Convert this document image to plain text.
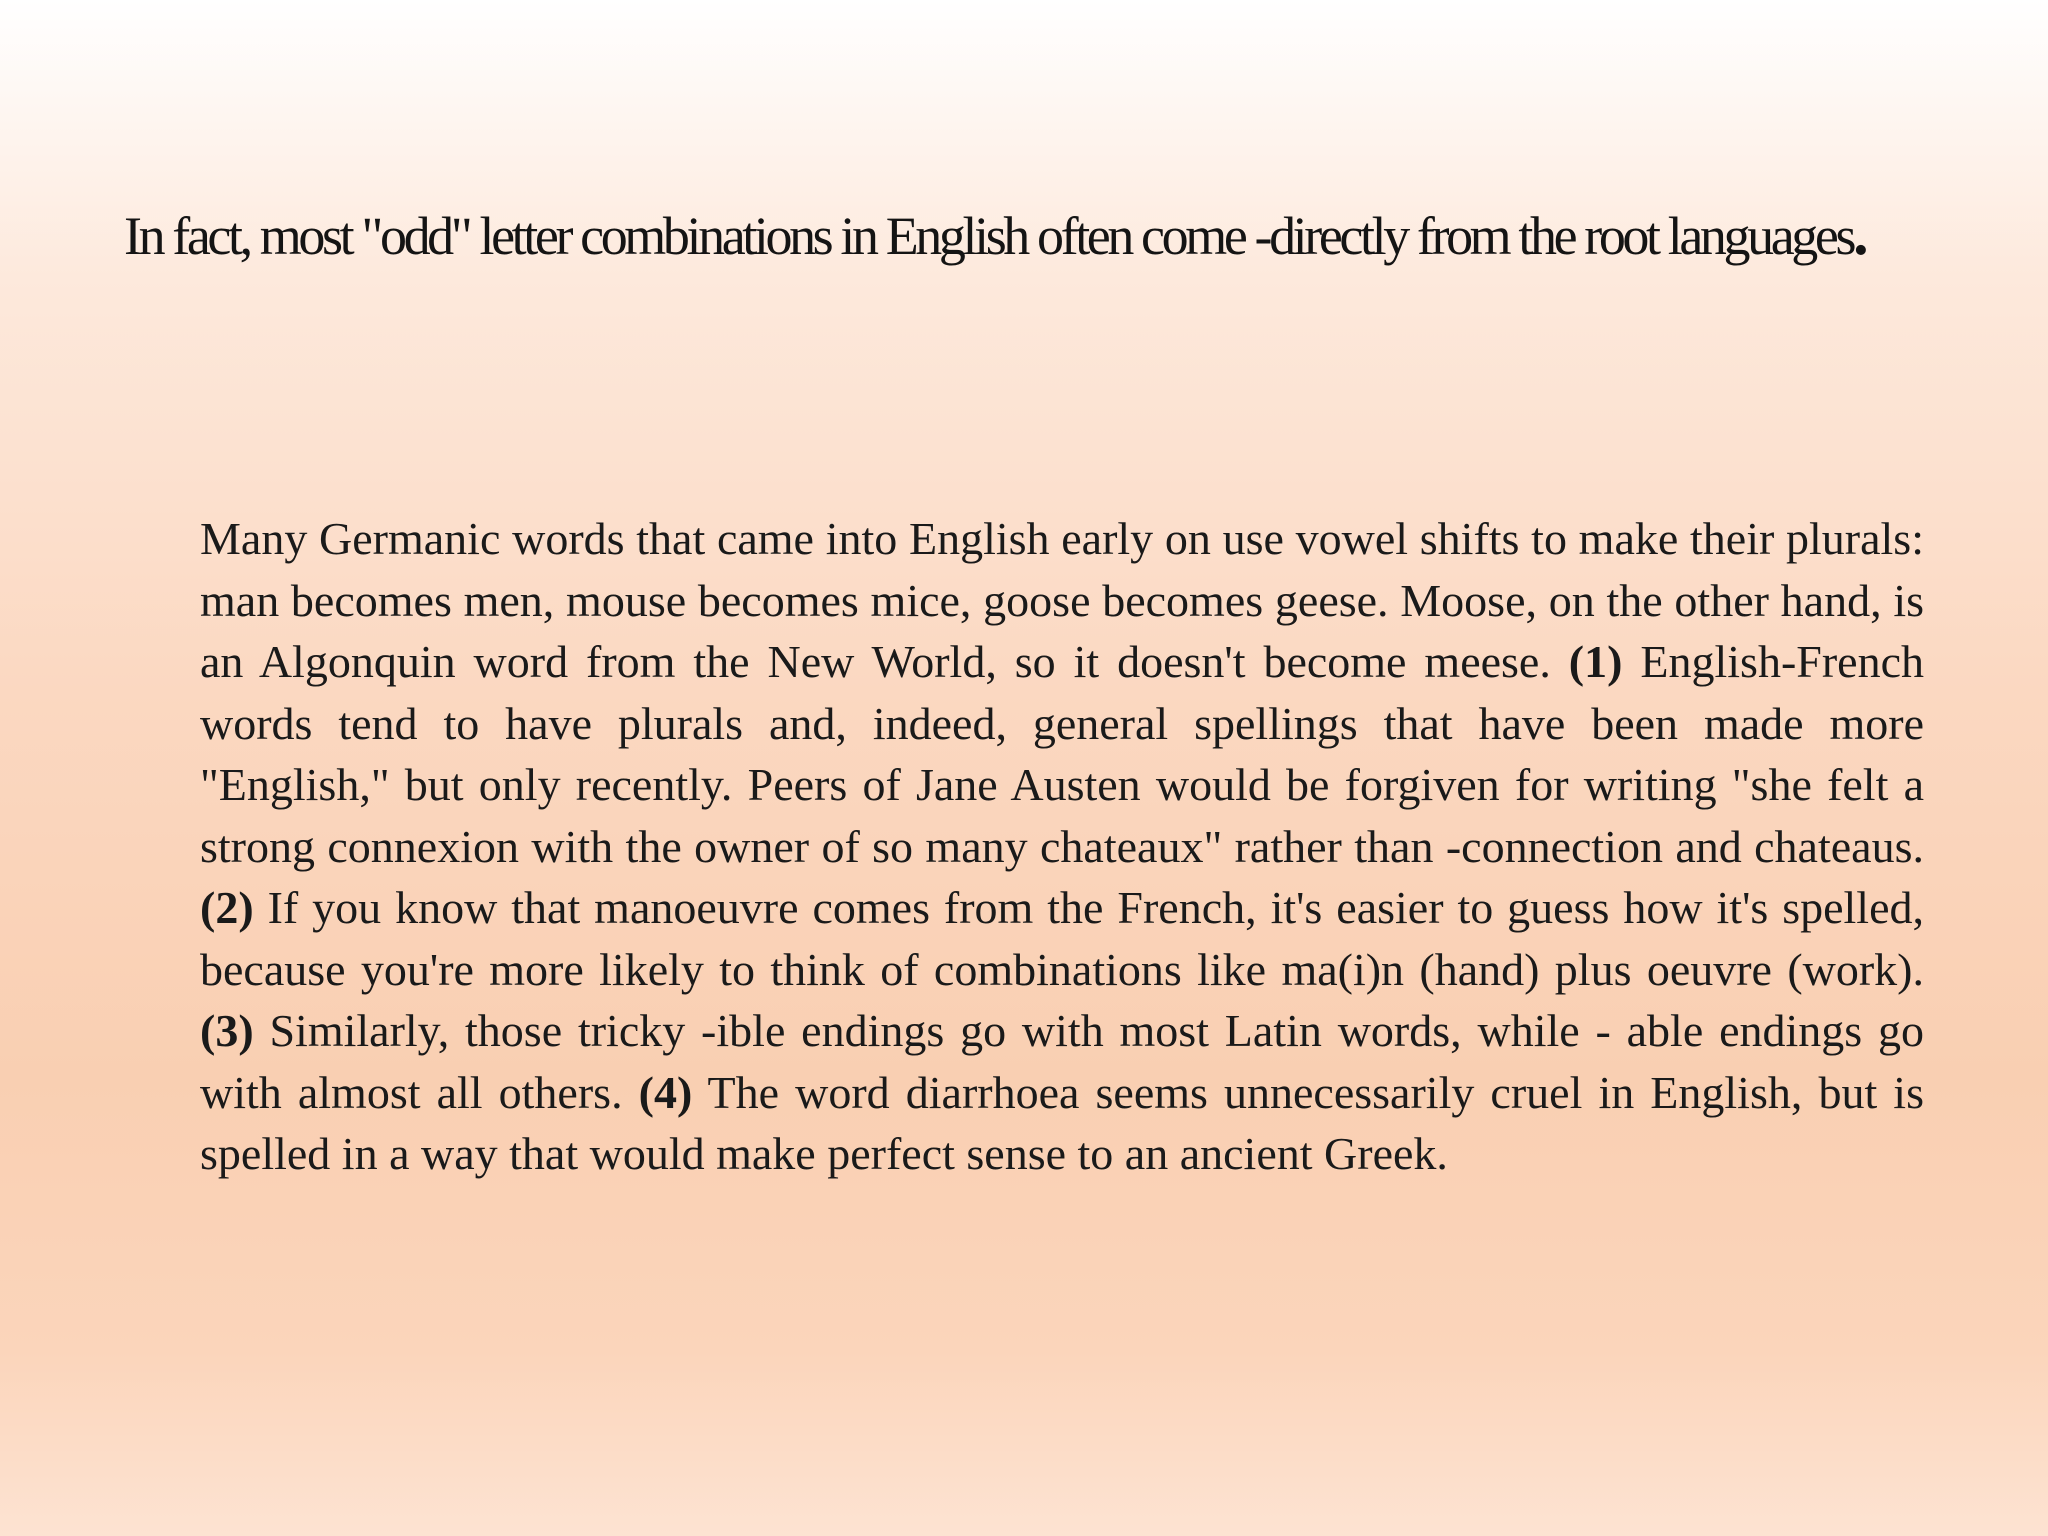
In fact, most "odd" letter combinations in English often come -directly from the root languages.

Many Germanic words that came into English early on use vowel shifts to make their plurals: man becomes men, mouse becomes mice, goose becomes geese. Moose, on the other hand, is an Algonquin word from the New World, so it doesn't become meese. (1) English-French words tend to have plurals and, indeed, general spellings that have been made more "English," but only recently. Peers of Jane Austen would be forgiven for writing "she felt a strong connexion with the owner of so many chateaux" rather than -connection and chateaus.(2) If you know that manoeuvre comes from the French, it's easier to guess how it's spelled, because you're more likely to think of combinations like ma(i)n (hand) plus oeuvre (work). (3) Similarly, those tricky -ible endings go with most Latin words, while - able endings go with almost all others. (4) The word diarrhoea seems unnecessarily cruel in English, but is spelled in a way that would make perfect sense to an ancient Greek.
